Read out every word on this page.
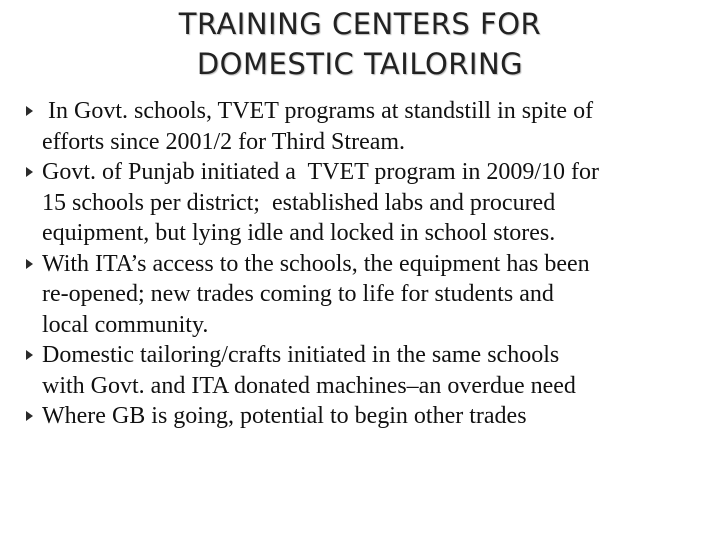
TRAINING CENTERS FOR
DOMESTIC TAILORING
In Govt. schools, TVET programs at standstill in spite of
efforts since 2001/2 for Third Stream.
Govt. of Punjab initiated a  TVET program in 2009/10 for
15 schools per district;  established labs and procured
equipment, but lying idle and locked in school stores.
With ITA’s access to the schools, the equipment has been
re-opened; new trades coming to life for students and
local community.
Domestic tailoring/crafts initiated in the same schools
with Govt. and ITA donated machines–an overdue need
Where GB is going, potential to begin other trades
